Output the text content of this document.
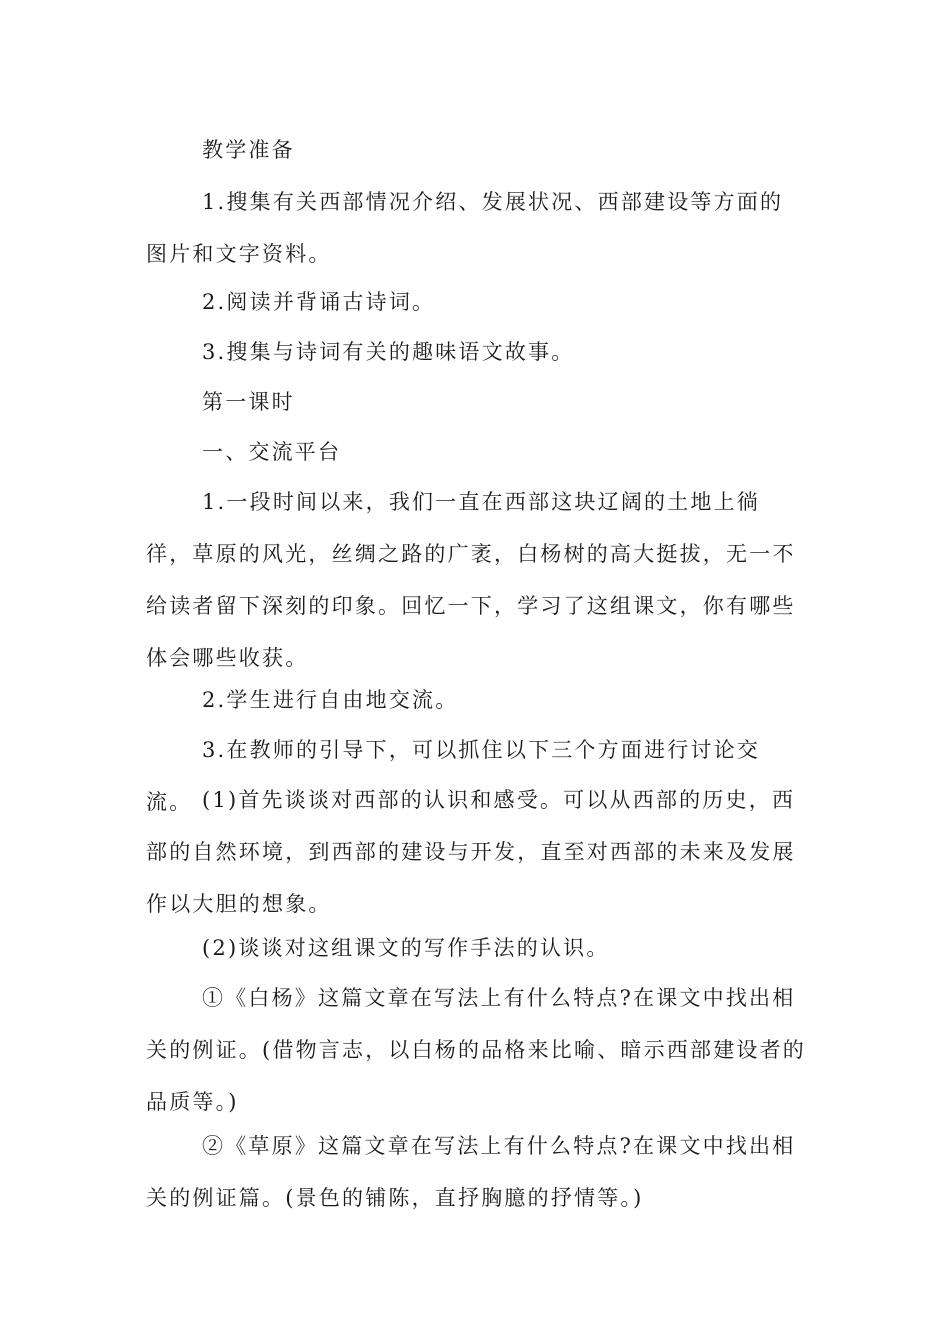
教学准备

1.搜集有关西部情况介绍、发展状况、西部建设等方面的图片和文字资料。

2.阅读并背诵古诗词。

3.搜集与诗词有关的趣味语文故事。

第一课时

一、交流平台

1.一段时间以来，我们一直在西部这块辽阔的土地上徜徉，草原的风光，丝绸之路的广袤，白杨树的高大挺拔，无一不给读者留下深刻的印象。回忆一下，学习了这组课文，你有哪些体会哪些收获。

2.学生进行自由地交流。

3.在教师的引导下，可以抓住以下三个方面进行讨论交流。 (1)首先谈谈对西部的认识和感受。可以从西部的历史，西部的自然环境，到西部的建设与开发，直至对西部的未来及发展作以大胆的想象。

(2)谈谈对这组课文的写作手法的认识。

①《白杨》这篇文章在写法上有什么特点?在课文中找出相关的例证。(借物言志，以白杨的品格来比喻、暗示西部建设者的品质等。)

②《草原》这篇文章在写法上有什么特点?在课文中找出相关的例证篇。(景色的铺陈，直抒胸臆的抒情等。)
